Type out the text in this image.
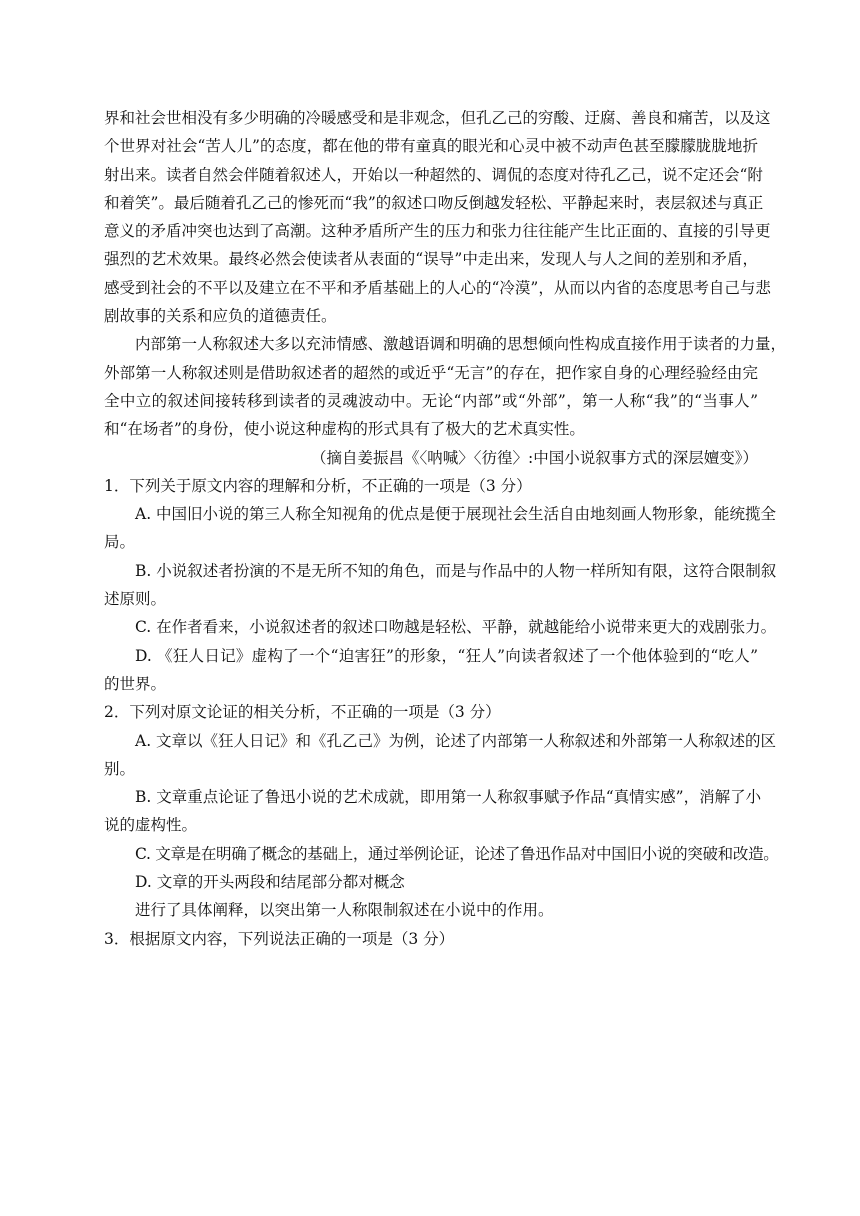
界和社会世相没有多少明确的冷暖感受和是非观念，但孔乙己的穷酸、迂腐、善良和痛苦，以及这
个世界对社会“苦人儿”的态度，都在他的带有童真的眼光和心灵中被不动声色甚至朦朦胧胧地折
射出来。读者自然会伴随着叙述人，开始以一种超然的、调侃的态度对待孔乙己，说不定还会“附
和着笑”。最后随着孔乙己的惨死而“我”的叙述口吻反倒越发轻松、平静起来时，表层叙述与真正
意义的矛盾冲突也达到了高潮。这种矛盾所产生的压力和张力往往能产生比正面的、直接的引导更
强烈的艺术效果。最终必然会使读者从表面的“误导”中走出来，发现人与人之间的差别和矛盾，
感受到社会的不平以及建立在不平和矛盾基础上的人心的“冷漠”，从而以内省的态度思考自己与悲
剧故事的关系和应负的道德责任。
内部第一人称叙述大多以充沛情感、激越语调和明确的思想倾向性构成直接作用于读者的力量，
外部第一人称叙述则是借助叙述者的超然的或近乎“无言”的存在，把作家自身的心理经验经由完
全中立的叙述间接转移到读者的灵魂波动中。无论“内部”或“外部”，第一人称“我”的“当事人”
和“在场者”的身份，使小说这种虚构的形式具有了极大的艺术真实性。
（摘自姜振昌《〈呐喊〉〈彷徨〉:中国小说叙事方式的深层嬗变》）
1．下列关于原文内容的理解和分析，不正确的一项是（3 分）
A. 中国旧小说的第三人称全知视角的优点是便于展现社会生活自由地刻画人物形象，能统揽全
局。
B. 小说叙述者扮演的不是无所不知的角色，而是与作品中的人物一样所知有限，这符合限制叙
述原则。
C. 在作者看来，小说叙述者的叙述口吻越是轻松、平静，就越能给小说带来更大的戏剧张力。
D. 《狂人日记》虚构了一个“迫害狂”的形象，“狂人”向读者叙述了一个他体验到的“吃人”
的世界。
2．下列对原文论证的相关分析，不正确的一项是（3 分）
A. 文章以《狂人日记》和《孔乙己》为例，论述了内部第一人称叙述和外部第一人称叙述的区
别。
B. 文章重点论证了鲁迅小说的艺术成就，即用第一人称叙事赋予作品“真情实感”，消解了小
说的虚构性。
C. 文章是在明确了概念的基础上，通过举例论证，论述了鲁迅作品对中国旧小说的突破和改造。
D. 文章的开头两段和结尾部分都对概念
进行了具体阐释，以突出第一人称限制叙述在小说中的作用。
3．根据原文内容，下列说法正确的一项是（3 分）
